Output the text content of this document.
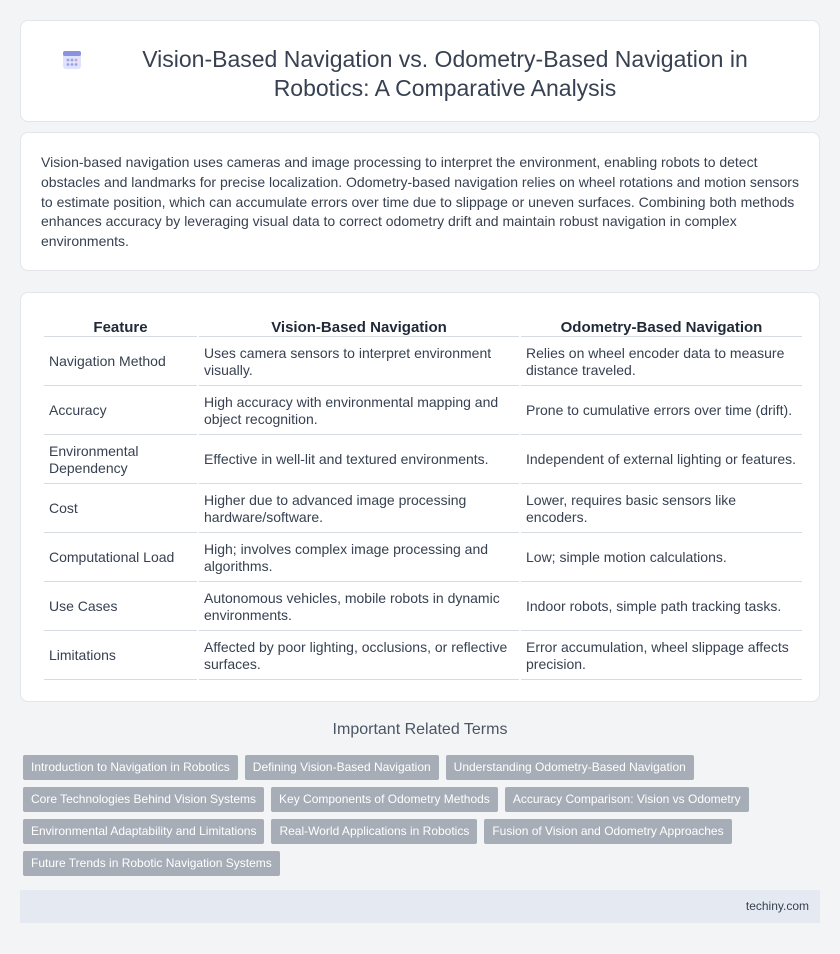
Vision-Based Navigation vs. Odometry-Based Navigation in Robotics: A Comparative Analysis

Vision-based navigation uses cameras and image processing to interpret the environment, enabling robots to detect obstacles and landmarks for precise localization. Odometry-based navigation relies on wheel rotations and motion sensors to estimate position, which can accumulate errors over time due to slippage or uneven surfaces. Combining both methods enhances accuracy by leveraging visual data to correct odometry drift and maintain robust navigation in complex environments.

Feature	Vision-Based Navigation	Odometry-Based Navigation
Navigation Method	Uses camera sensors to interpret environment visually.	Relies on wheel encoder data to measure distance traveled.
Accuracy	High accuracy with environmental mapping and object recognition.	Prone to cumulative errors over time (drift).
Environmental Dependency	Effective in well-lit and textured environments.	Independent of external lighting or features.
Cost	Higher due to advanced image processing hardware/software.	Lower, requires basic sensors like encoders.
Computational Load	High; involves complex image processing and algorithms.	Low; simple motion calculations.
Use Cases	Autonomous vehicles, mobile robots in dynamic environments.	Indoor robots, simple path tracking tasks.
Limitations	Affected by poor lighting, occlusions, or reflective surfaces.	Error accumulation, wheel slippage affects precision.
Important Related Terms
Introduction to Navigation in Robotics	Defining Vision-Based Navigation	Understanding Odometry-Based Navigation
Core Technologies Behind Vision Systems	Key Components of Odometry Methods	Accuracy Comparison: Vision vs Odometry
Environmental Adaptability and Limitations	Real-World Applications in Robotics	Fusion of Vision and Odometry Approaches
Future Trends in Robotic Navigation Systems
techiny.com
